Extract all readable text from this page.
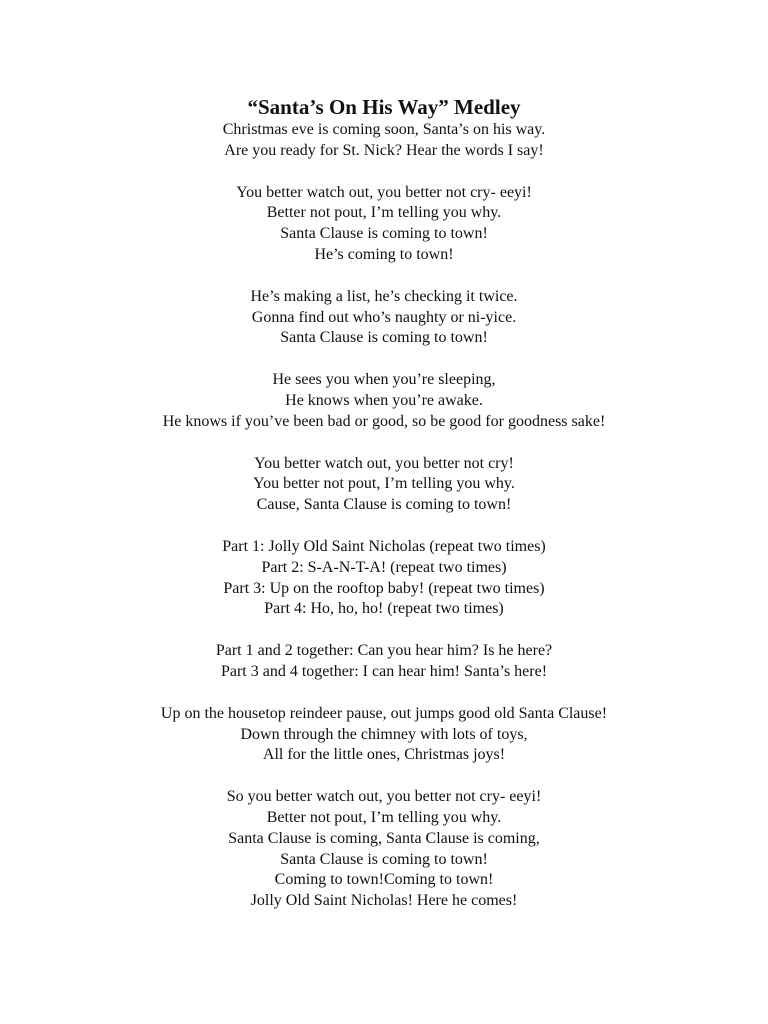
“Santa’s On His Way” Medley
Christmas eve is coming soon, Santa’s on his way.
Are you ready for St. Nick? Hear the words I say!
You better watch out, you better not cry- eeyi!
Better not pout, I’m telling you why.
Santa Clause is coming to town!
He’s coming to town!
He’s making a list, he’s checking it twice.
Gonna find out who’s naughty or ni-yice.
Santa Clause is coming to town!
He sees you when you’re sleeping,
He knows when you’re awake.
He knows if you’ve been bad or good, so be good for goodness sake!
You better watch out, you better not cry!
You better not pout, I’m telling you why.
Cause, Santa Clause is coming to town!
Part 1: Jolly Old Saint Nicholas (repeat two times)
Part 2: S-A-N-T-A! (repeat two times)
Part 3: Up on the rooftop baby! (repeat two times)
Part 4: Ho, ho, ho! (repeat two times)
Part 1 and 2 together: Can you hear him? Is he here?
Part 3 and 4 together: I can hear him! Santa’s here!
Up on the housetop reindeer pause, out jumps good old Santa Clause!
Down through the chimney with lots of toys,
All for the little ones, Christmas joys!
So you better watch out, you better not cry- eeyi!
Better not pout, I’m telling you why.
Santa Clause is coming, Santa Clause is coming,
Santa Clause is coming to town!
Coming to town!Coming to town!
Jolly Old Saint Nicholas! Here he comes!
